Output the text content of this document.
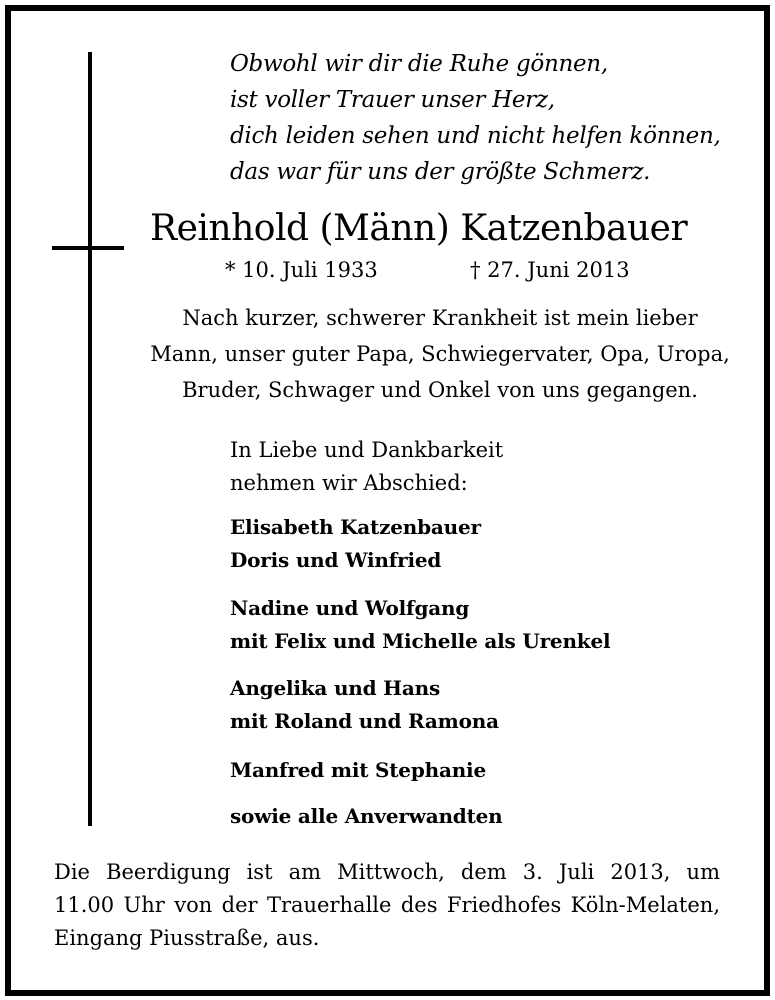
Obwohl wir dir die Ruhe gönnen,
ist voller Trauer unser Herz,
dich leiden sehen und nicht helfen können,
das war für uns der größte Schmerz.

Reinhold (Männ) Katzenbauer
* 10. Juli 1933	† 27. Juni 2013

Nach kurzer, schwerer Krankheit ist mein lieber
Mann, unser guter Papa, Schwiegervater, Opa, Uropa,
Bruder, Schwager und Onkel von uns gegangen.

In Liebe und Dankbarkeit
nehmen wir Abschied:

Elisabeth Katzenbauer
Doris und Winfried

Nadine und Wolfgang
mit Felix und Michelle als Urenkel

Angelika und Hans
mit Roland und Ramona

Manfred mit Stephanie

sowie alle Anverwandten

Die Beerdigung ist am Mittwoch, dem 3. Juli 2013, um
11.00 Uhr von der Trauerhalle des Friedhofes Köln-Melaten,
Eingang Piusstraße, aus.
